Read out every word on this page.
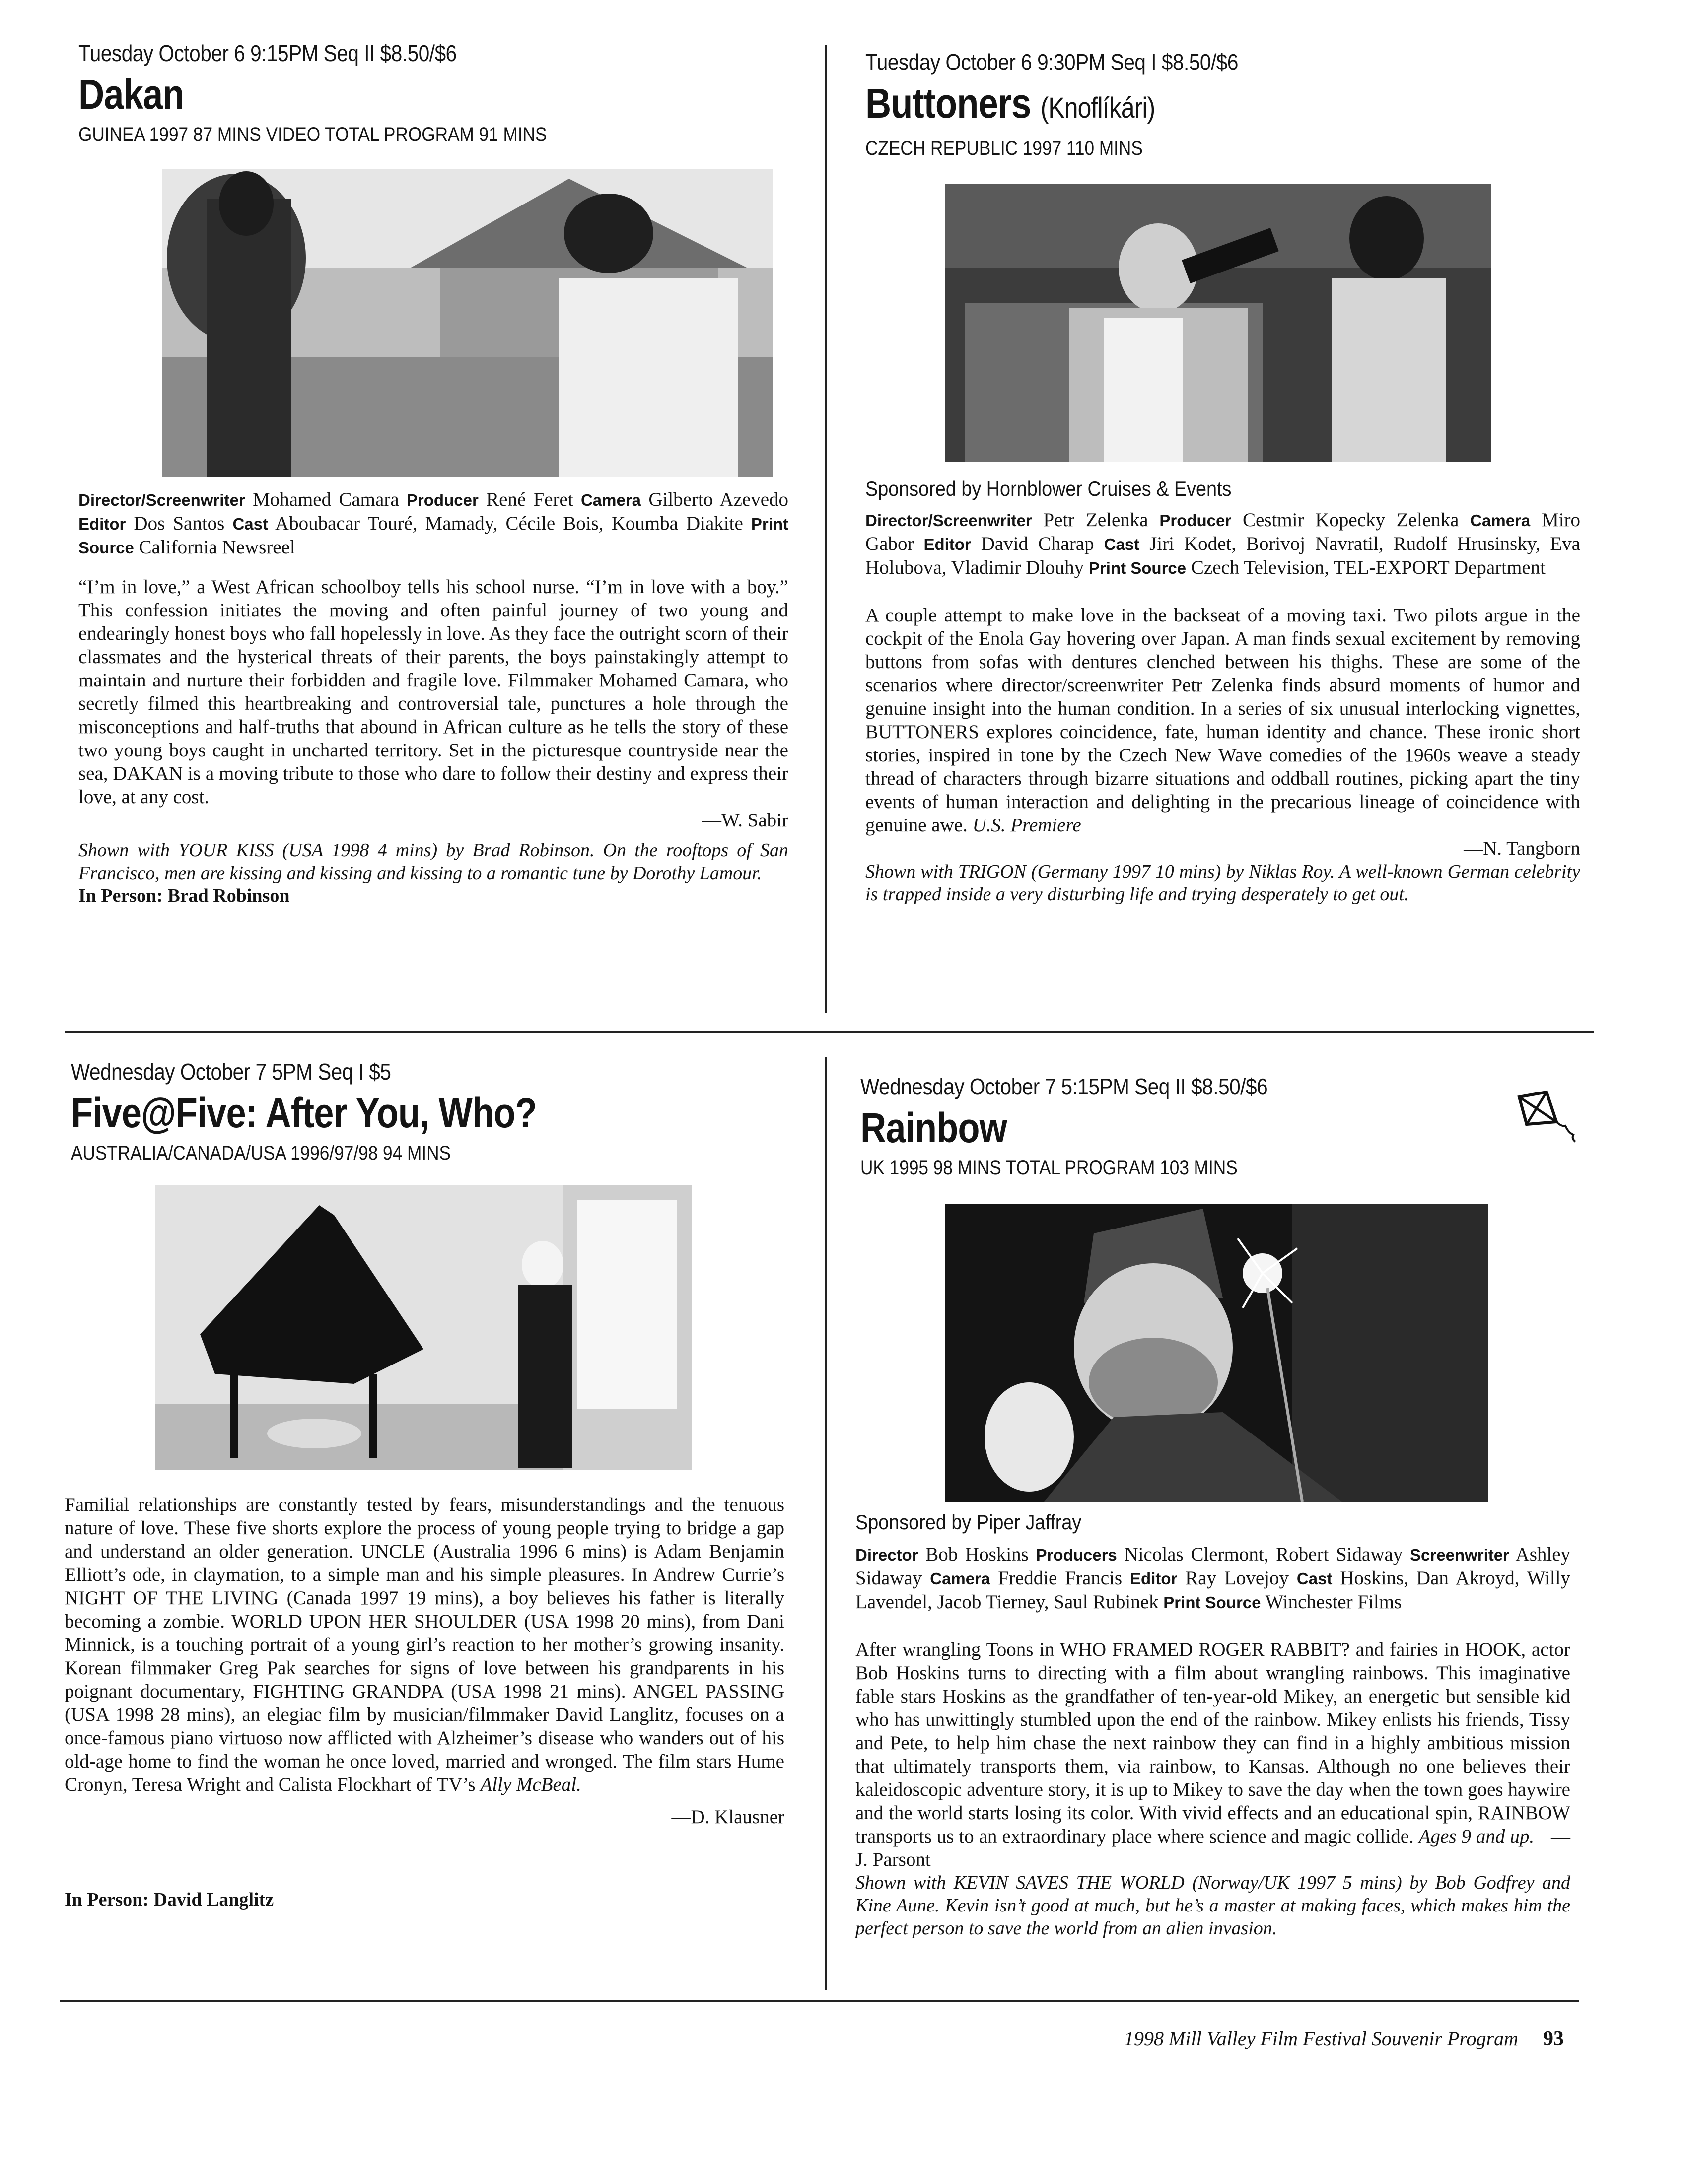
Tuesday October 6 9:15PM Seq II $8.50/$6
Dakan
GUINEA 1997 87 MINS VIDEO TOTAL PROGRAM 91 MINS
Director/Screenwriter Mohamed Camara Producer René Feret Camera Gilberto Azevedo Editor Dos Santos Cast Aboubacar Touré, Mamady, Cécile Bois, Koumba Diakite Print Source California Newsreel
“I’m in love,” a West African schoolboy tells his school nurse. “I’m in love with a boy.” This confession initiates the moving and often painful journey of two young and endearingly honest boys who fall hopelessly in love. As they face the outright scorn of their classmates and the hysterical threats of their parents, the boys painstakingly attempt to maintain and nurture their forbidden and fragile love. Filmmaker Mohamed Camara, who secretly filmed this heartbreaking and controversial tale, punctures a hole through the misconceptions and half-truths that abound in African culture as he tells the story of these two young boys caught in uncharted territory. Set in the picturesque countryside near the sea, DAKAN is a moving tribute to those who dare to follow their destiny and express their love, at any cost.
—W. Sabir
Shown with YOUR KISS (USA 1998 4 mins) by Brad Robinson. On the rooftops of San Francisco, men are kissing and kissing and kissing to a romantic tune by Dorothy Lamour.
In Person: Brad Robinson
Tuesday October 6 9:30PM Seq I $8.50/$6
Buttoners (Knoflíkári)
CZECH REPUBLIC 1997 110 MINS
Sponsored by Hornblower Cruises & Events
Director/Screenwriter Petr Zelenka Producer Cestmir Kopecky Zelenka Camera Miro Gabor Editor David Charap Cast Jiri Kodet, Borivoj Navratil, Rudolf Hrusinsky, Eva Holubova, Vladimir Dlouhy Print Source Czech Television, TEL-EXPORT Department
A couple attempt to make love in the backseat of a moving taxi. Two pilots argue in the cockpit of the Enola Gay hovering over Japan. A man finds sexual excitement by removing buttons from sofas with dentures clenched between his thighs. These are some of the scenarios where director/screenwriter Petr Zelenka finds absurd moments of humor and genuine insight into the human condition. In a series of six unusual interlocking vignettes, BUTTONERS explores coincidence, fate, human identity and chance. These ironic short stories, inspired in tone by the Czech New Wave comedies of the 1960s weave a steady thread of characters through bizarre situations and oddball routines, picking apart the tiny events of human interaction and delighting in the precarious lineage of coincidence with genuine awe. U.S. Premiere
—N. Tangborn
Shown with TRIGON (Germany 1997 10 mins) by Niklas Roy. A well-known German celebrity is trapped inside a very disturbing life and trying desperately to get out.
Wednesday October 7 5PM Seq I $5
Five@Five: After You, Who?
AUSTRALIA/CANADA/USA 1996/97/98 94 MINS
Familial relationships are constantly tested by fears, misunderstandings and the tenuous nature of love. These five shorts explore the process of young people trying to bridge a gap and understand an older generation. UNCLE (Australia 1996 6 mins) is Adam Benjamin Elliott’s ode, in claymation, to a simple man and his simple pleasures. In Andrew Currie’s NIGHT OF THE LIVING (Canada 1997 19 mins), a boy believes his father is literally becoming a zombie. WORLD UPON HER SHOULDER (USA 1998 20 mins), from Dani Minnick, is a touching portrait of a young girl’s reaction to her mother’s growing insanity. Korean filmmaker Greg Pak searches for signs of love between his grandparents in his poignant documentary, FIGHTING GRANDPA (USA 1998 21 mins). ANGEL PASSING (USA 1998 28 mins), an elegiac film by musician/filmmaker David Langlitz, focuses on a once-famous piano virtuoso now afflicted with Alzheimer’s disease who wanders out of his old-age home to find the woman he once loved, married and wronged. The film stars Hume Cronyn, Teresa Wright and Calista Flockhart of TV’s Ally McBeal.
—D. Klausner
In Person: David Langlitz
Wednesday October 7 5:15PM Seq II $8.50/$6
Rainbow
UK 1995 98 MINS TOTAL PROGRAM 103 MINS
Sponsored by Piper Jaffray
Director Bob Hoskins Producers Nicolas Clermont, Robert Sidaway Screenwriter Ashley Sidaway Camera Freddie Francis Editor Ray Lovejoy Cast Hoskins, Dan Akroyd, Willy Lavendel, Jacob Tierney, Saul Rubinek Print Source Winchester Films
After wrangling Toons in WHO FRAMED ROGER RABBIT? and fairies in HOOK, actor Bob Hoskins turns to directing with a film about wrangling rainbows. This imaginative fable stars Hoskins as the grandfather of ten-year-old Mikey, an energetic but sensible kid who has unwittingly stumbled upon the end of the rainbow. Mikey enlists his friends, Tissy and Pete, to help him chase the next rainbow they can find in a highly ambitious mission that ultimately transports them, via rainbow, to Kansas. Although no one believes their kaleidoscopic adventure story, it is up to Mikey to save the day when the town goes haywire and the world starts losing its color. With vivid effects and an educational spin, RAINBOW transports us to an extraordinary place where science and magic collide. Ages 9 and up. —J. Parsont
Shown with KEVIN SAVES THE WORLD (Norway/UK 1997 5 mins) by Bob Godfrey and Kine Aune. Kevin isn’t good at much, but he’s a master at making faces, which makes him the perfect person to save the world from an alien invasion.
1998 Mill Valley Film Festival Souvenir Program 93
